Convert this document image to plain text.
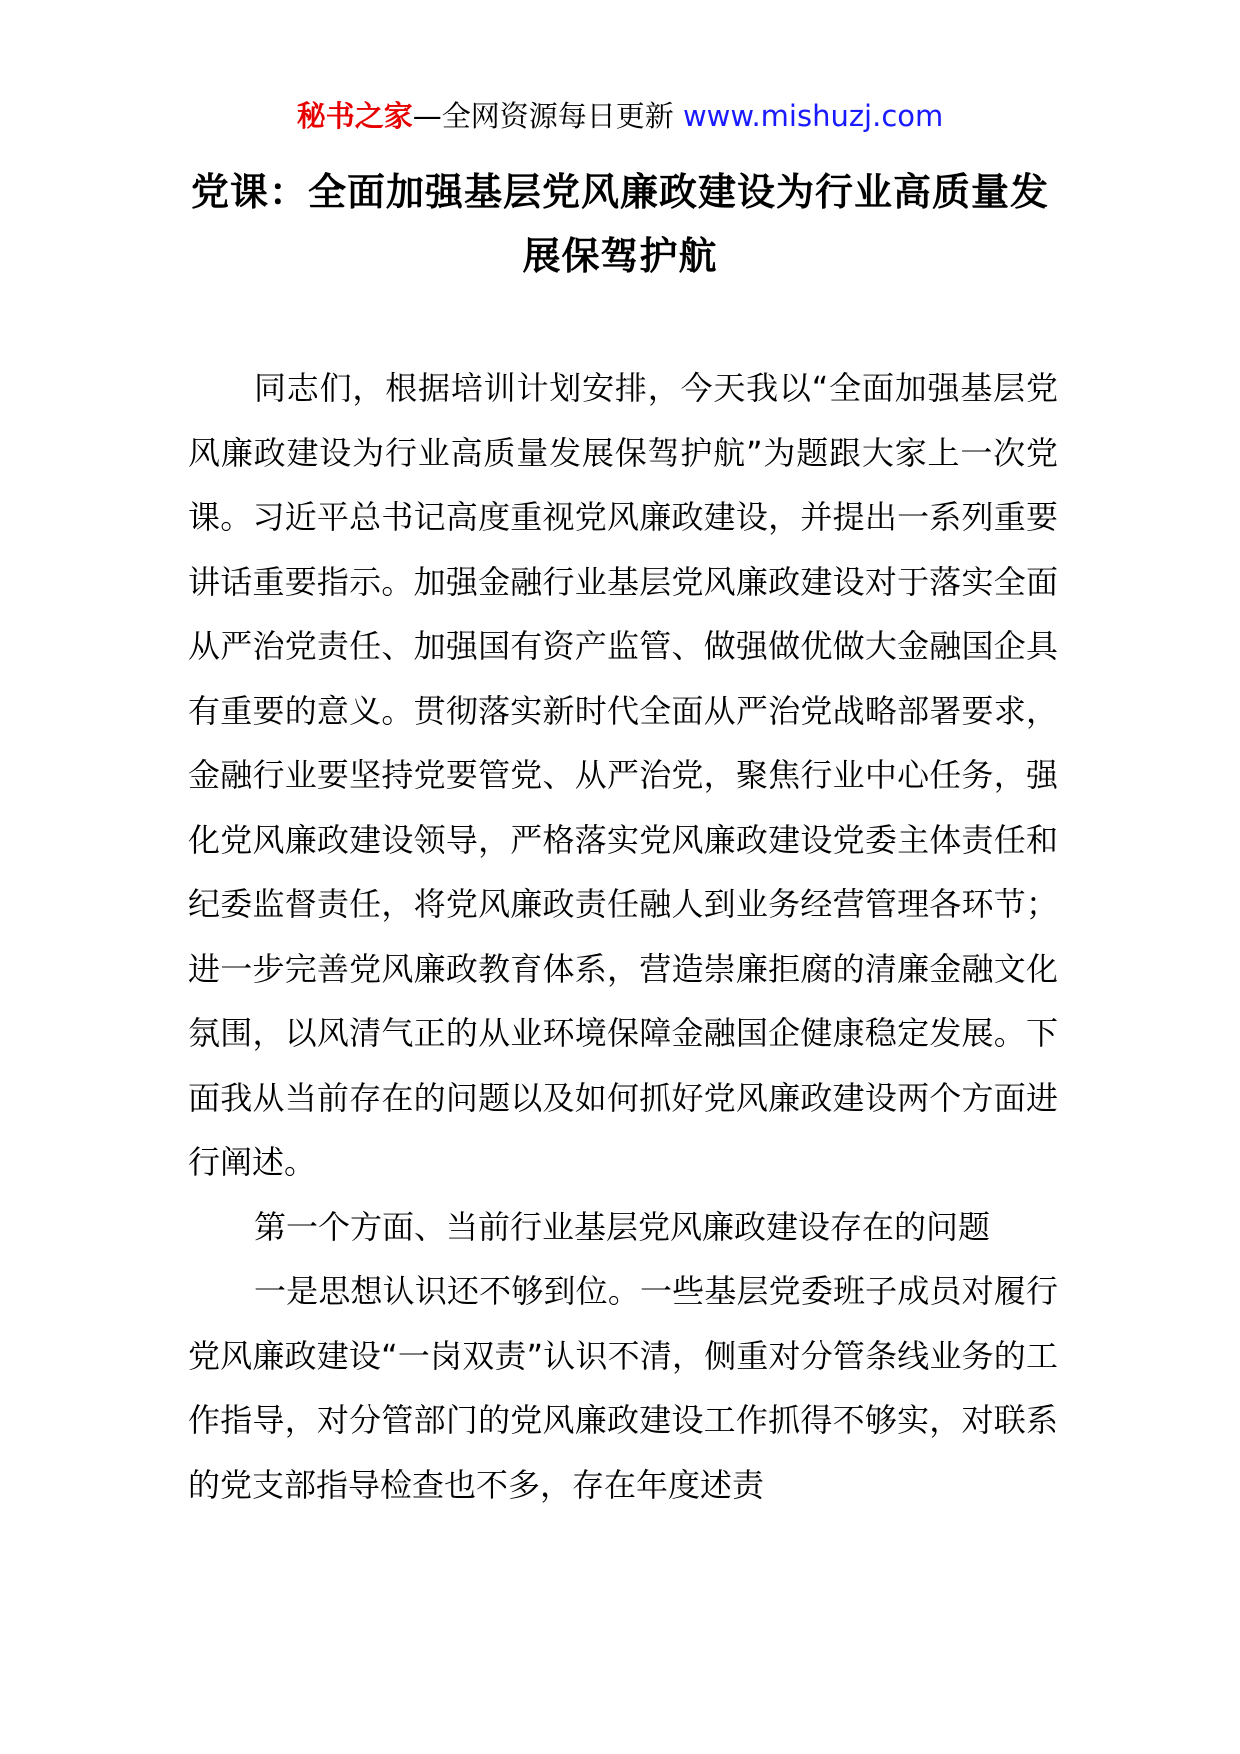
秘书之家—全网资源每日更新 www.mishuzj.com
党课：全面加强基层党风廉政建设为行业高质量发展保驾护航

同志们，根据培训计划安排，今天我以“全面加强基层党风廉政建设为行业高质量发展保驾护航”为题跟大家上一次党课。习近平总书记高度重视党风廉政建设，并提出一系列重要讲话重要指示。加强金融行业基层党风廉政建设对于落实全面从严治党责任、加强国有资产监管、做强做优做大金融国企具有重要的意义。贯彻落实新时代全面从严治党战略部署要求，金融行业要坚持党要管党、从严治党，聚焦行业中心任务，强化党风廉政建设领导，严格落实党风廉政建设党委主体责任和纪委监督责任，将党风廉政责任融人到业务经营管理各环节；进一步完善党风廉政教育体系，营造崇廉拒腐的清廉金融文化氛围，以风清气正的从业环境保障金融国企健康稳定发展。下面我从当前存在的问题以及如何抓好党风廉政建设两个方面进行阐述。

第一个方面、当前行业基层党风廉政建设存在的问题

一是思想认识还不够到位。一些基层党委班子成员对履行党风廉政建设“一岗双责”认识不清，侧重对分管条线业务的工作指导，对分管部门的党风廉政建设工作抓得不够实，对联系的党支部指导检查也不多，存在年度述责
